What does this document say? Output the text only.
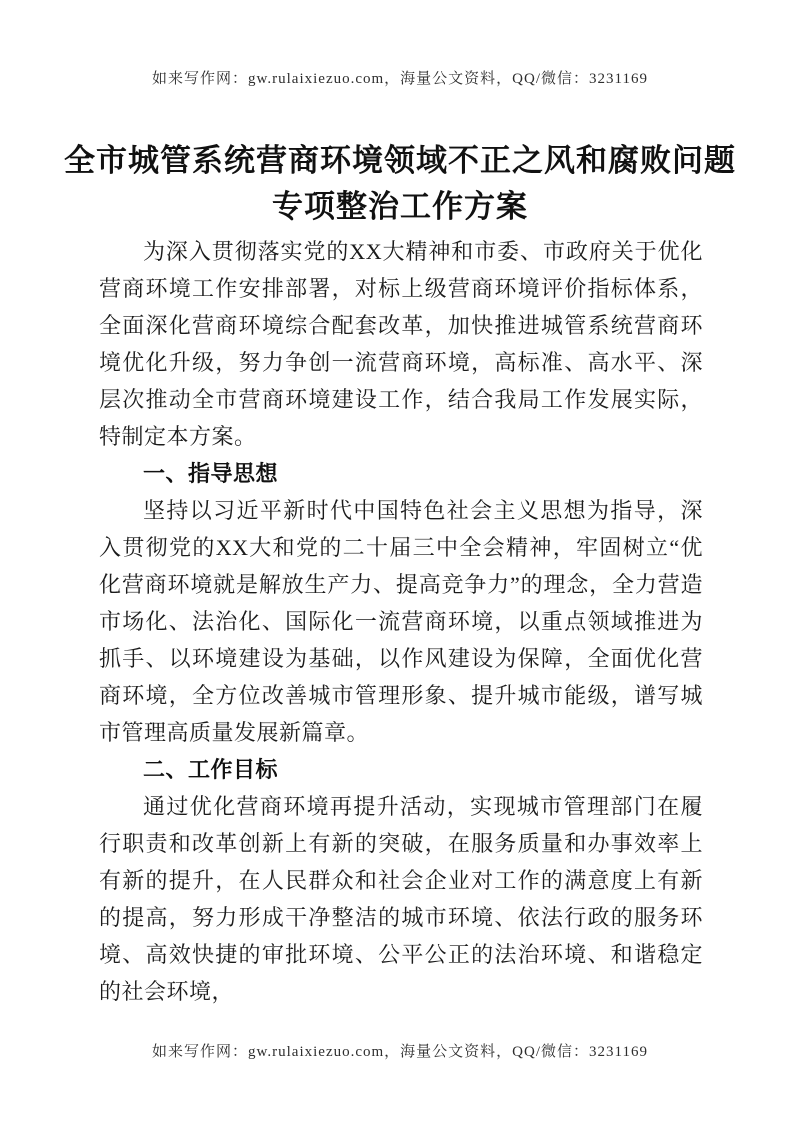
如来写作网：gw.rulaixiezuo.com，海量公文资料，QQ/微信：3231169
全市城管系统营商环境领域不正之风和腐败问题专项整治工作方案

为深入贯彻落实党的XX大精神和市委、市政府关于优化营商环境工作安排部署，对标上级营商环境评价指标体系，全面深化营商环境综合配套改革，加快推进城管系统营商环境优化升级，努力争创一流营商环境，高标准、高水平、深层次推动全市营商环境建设工作，结合我局工作发展实际，特制定本方案。

一、指导思想

坚持以习近平新时代中国特色社会主义思想为指导，深入贯彻党的XX大和党的二十届三中全会精神，牢固树立“优化营商环境就是解放生产力、提高竞争力”的理念，全力营造市场化、法治化、国际化一流营商环境，以重点领域推进为抓手、以环境建设为基础，以作风建设为保障，全面优化营商环境，全方位改善城市管理形象、提升城市能级，谱写城市管理高质量发展新篇章。

二、工作目标

通过优化营商环境再提升活动，实现城市管理部门在履行职责和改革创新上有新的突破，在服务质量和办事效率上有新的提升，在人民群众和社会企业对工作的满意度上有新的提高，努力形成干净整洁的城市环境、依法行政的服务环境、高效快捷的审批环境、公平公正的法治环境、和谐稳定的社会环境，

如来写作网：gw.rulaixiezuo.com，海量公文资料，QQ/微信：3231169
